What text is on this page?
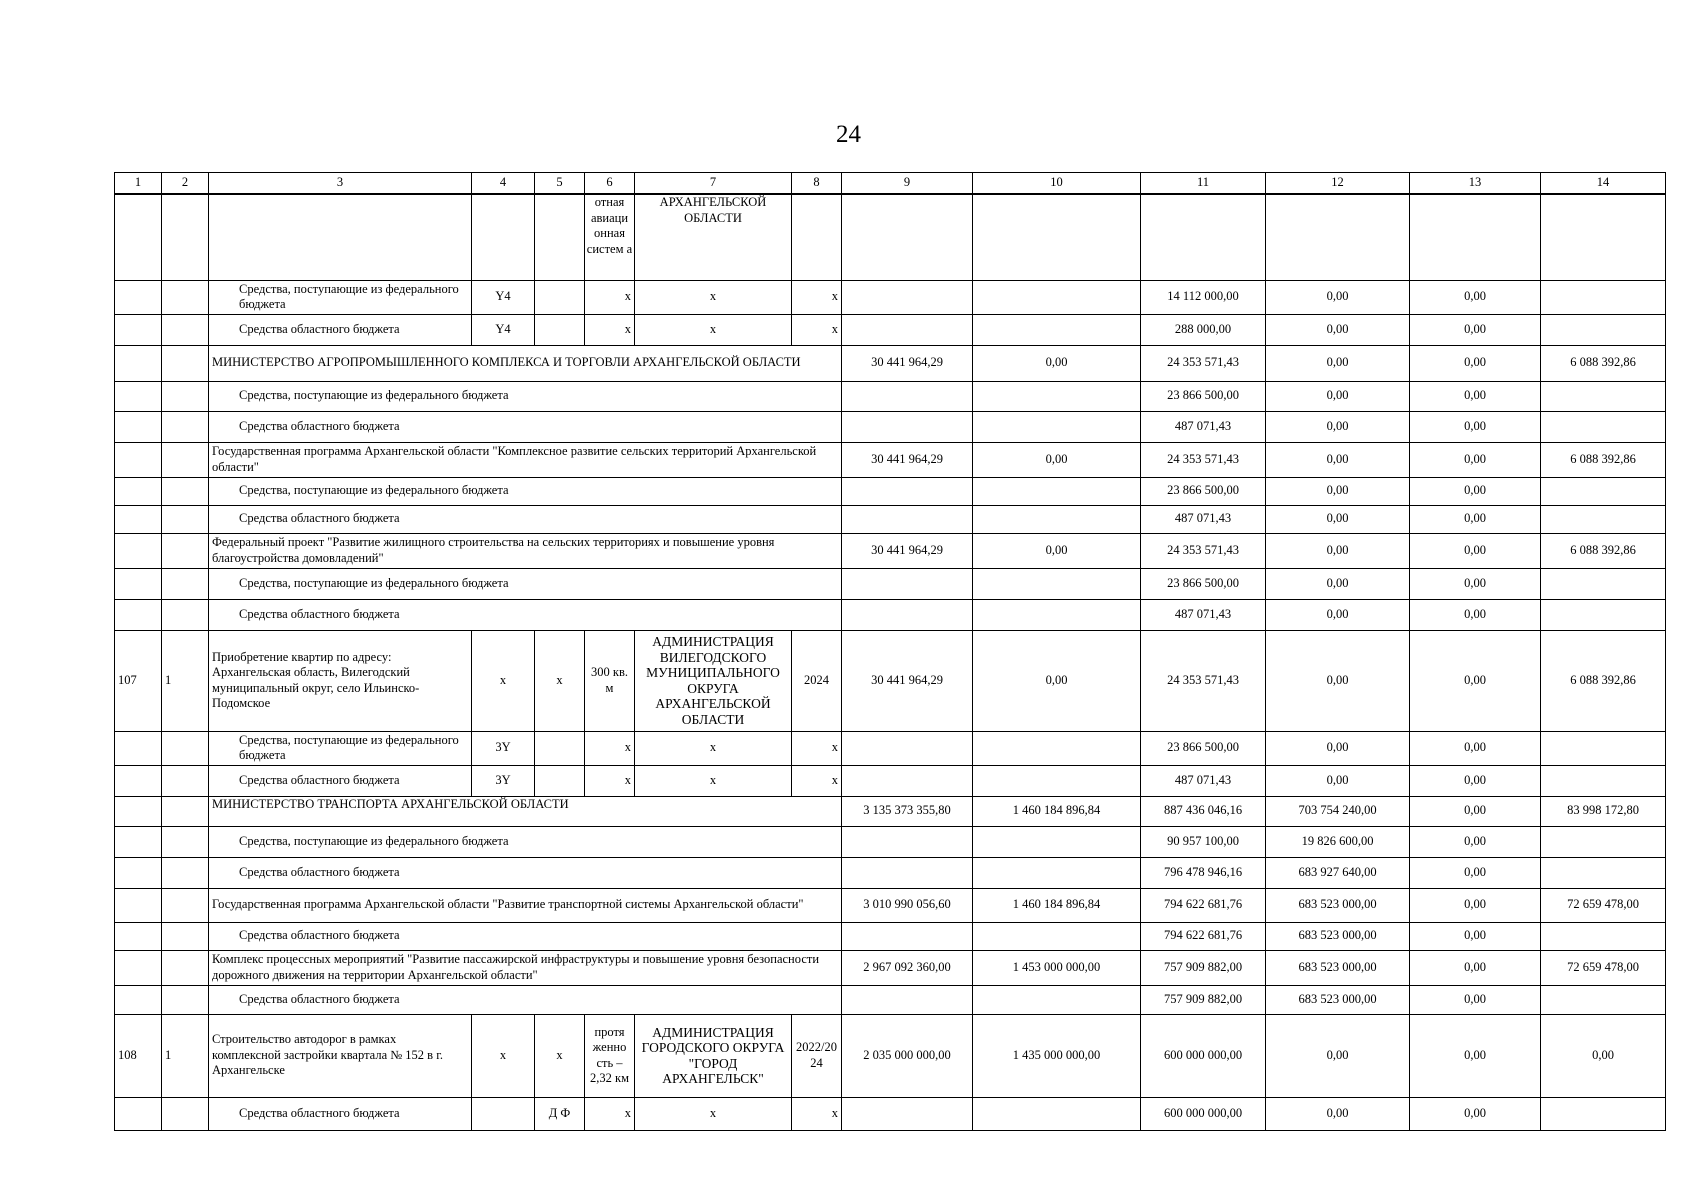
24
1	2	3	4	5	6	7	8	9	10	11	12	13	14
					отная авиаци онная систем а	АРХАНГЕЛЬСКОЙ ОБЛАСТИ							
		Средства, поступающие из федерального бюджета	Y4		x	x	x			14 112 000,00	0,00	0,00	
		Средства областного бюджета	Y4		x	x	x			288 000,00	0,00	0,00	
		МИНИСТЕРСТВО АГРОПРОМЫШЛЕННОГО КОМПЛЕКСА И ТОРГОВЛИ АРХАНГЕЛЬСКОЙ ОБЛАСТИ						30 441 964,29	0,00	24 353 571,43	0,00	0,00	6 088 392,86
		Средства, поступающие из федерального бюджета								23 866 500,00	0,00	0,00	
		Средства областного бюджета								487 071,43	0,00	0,00	
		Государственная программа Архангельской области "Комплексное развитие сельских территорий Архангельской области"						30 441 964,29	0,00	24 353 571,43	0,00	0,00	6 088 392,86
		Средства, поступающие из федерального бюджета								23 866 500,00	0,00	0,00	
		Средства областного бюджета								487 071,43	0,00	0,00	
		Федеральный проект "Развитие жилищного строительства на сельских территориях и повышение уровня благоустройства домовладений"						30 441 964,29	0,00	24 353 571,43	0,00	0,00	6 088 392,86
		Средства, поступающие из федерального бюджета								23 866 500,00	0,00	0,00	
		Средства областного бюджета								487 071,43	0,00	0,00	
107	1	Приобретение квартир по адресу: Архангельская область, Вилегодский муниципальный округ, село Ильинско-Подомское	x	x	300 кв. м	АДМИНИСТРАЦИЯ ВИЛЕГОДСКОГО МУНИЦИПАЛЬНОГО ОКРУГА АРХАНГЕЛЬСКОЙ ОБЛАСТИ	2024	30 441 964,29	0,00	24 353 571,43	0,00	0,00	6 088 392,86
		Средства, поступающие из федерального бюджета	3Y		x	x	x			23 866 500,00	0,00	0,00	
		Средства областного бюджета	3Y		x	x	x			487 071,43	0,00	0,00	
		МИНИСТЕРСТВО ТРАНСПОРТА АРХАНГЕЛЬСКОЙ ОБЛАСТИ						3 135 373 355,80	1 460 184 896,84	887 436 046,16	703 754 240,00	0,00	83 998 172,80
		Средства, поступающие из федерального бюджета								90 957 100,00	19 826 600,00	0,00	
		Средства областного бюджета								796 478 946,16	683 927 640,00	0,00	
		Государственная программа Архангельской области "Развитие транспортной системы Архангельской области"						3 010 990 056,60	1 460 184 896,84	794 622 681,76	683 523 000,00	0,00	72 659 478,00
		Средства областного бюджета								794 622 681,76	683 523 000,00	0,00	
		Комплекс процессных мероприятий "Развитие пассажирской инфраструктуры и повышение уровня безопасности дорожного движения на территории Архангельской области"						2 967 092 360,00	1 453 000 000,00	757 909 882,00	683 523 000,00	0,00	72 659 478,00
		Средства областного бюджета								757 909 882,00	683 523 000,00	0,00	
108	1	Строительство автодорог в рамках комплексной застройки квартала № 152 в г. Архангельске	x	x	протя женно сть – 2,32 км	АДМИНИСТРАЦИЯ ГОРОДСКОГО ОКРУГА "ГОРОД АРХАНГЕЛЬСК"	2022/2024	2 035 000 000,00	1 435 000 000,00	600 000 000,00	0,00	0,00	0,00
		Средства областного бюджета		Д Ф	x	x	x			600 000 000,00	0,00	0,00	
